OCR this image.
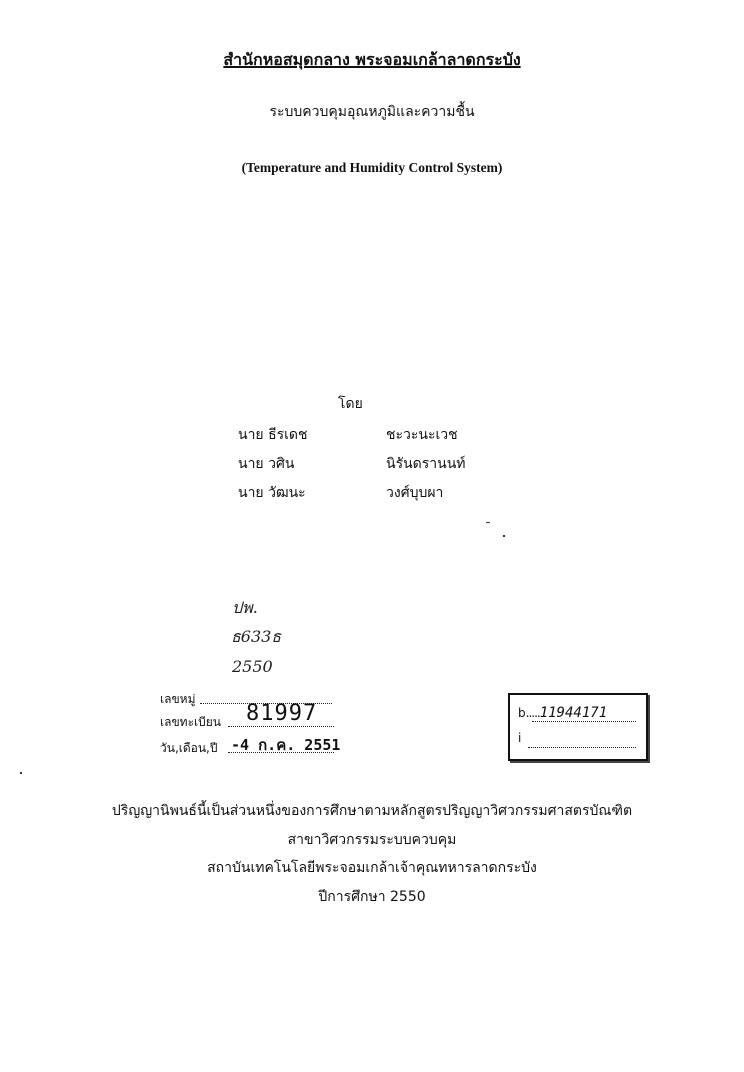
สำนักหอสมุดกลาง พระจอมเกล้าลาดกระบัง
ระบบควบคุมอุณหภูมิและความชื้น
(Temperature and Humidity Control System)
โดย
นาย ธีรเดช	ชะวะนะเวช
นาย วศิน	นิรันดรานนท์
นาย วัฒนะ	วงศ์บุบผา
ปพ.
ธ633ธ
2550
เลขหมู่
เลขทะเบียน 81997
วัน,เดือน,ปี -4 ก.ค. 2551
b.....11944171
i
ปริญญานิพนธ์นี้เป็นส่วนหนึ่งของการศึกษาตามหลักสูตรปริญญาวิศวกรรมศาสตรบัณฑิต
สาขาวิศวกรรมระบบควบคุม
สถาบันเทคโนโลยีพระจอมเกล้าเจ้าคุณทหารลาดกระบัง
ปีการศึกษา 2550
